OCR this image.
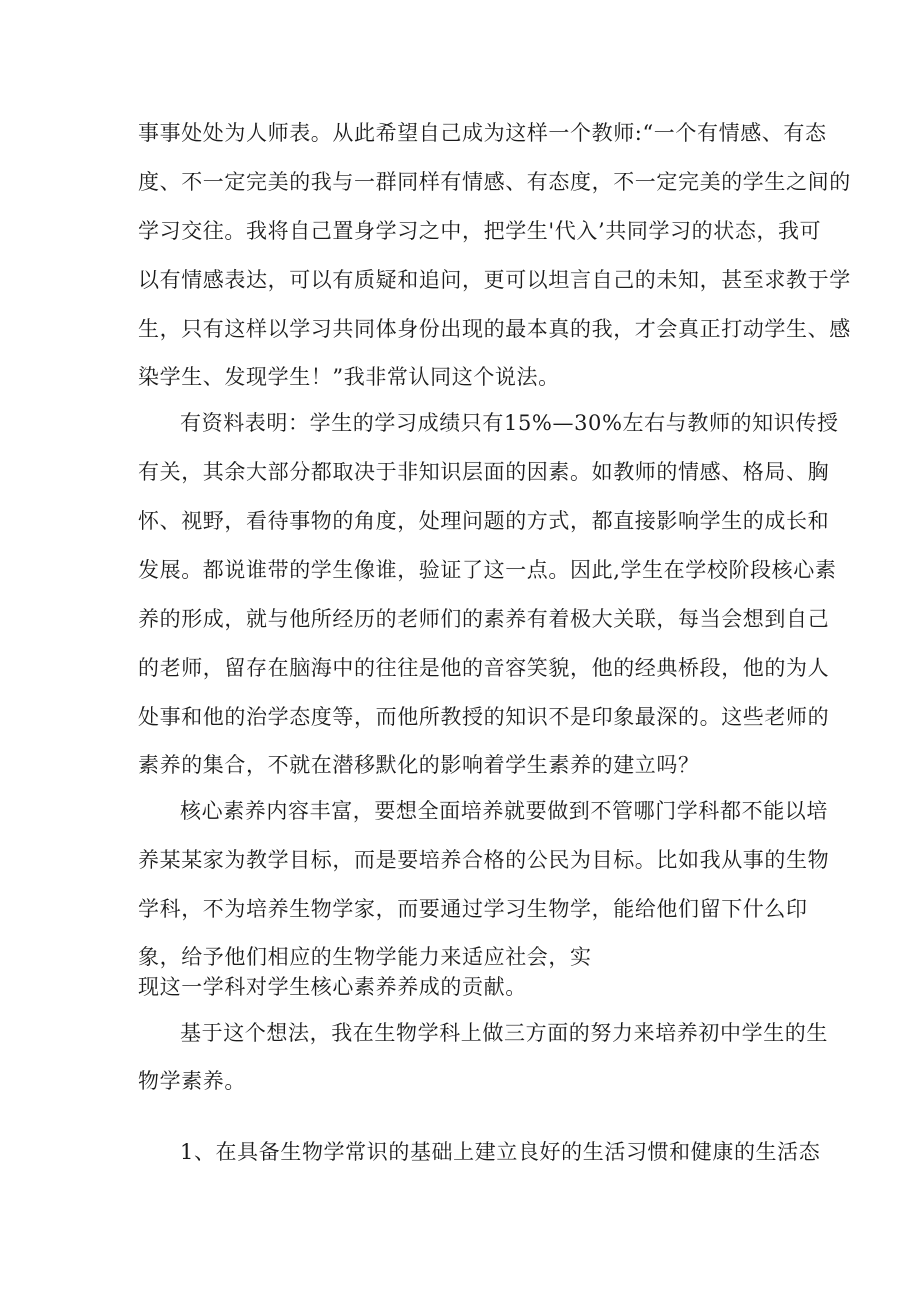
事事处处为人师表。从此希望自己成为这样一个教师:“一个有情感、有态

度、不一定完美的我与一群同样有情感、有态度，不一定完美的学生之间的

学习交往。我将自己置身学习之中，把学生'代入’共同学习的状态，我可

以有情感表达，可以有质疑和追问，更可以坦言自己的未知，甚至求教于学

生，只有这样以学习共同体身份出现的最本真的我，才会真正打动学生、感

染学生、发现学生！”我非常认同这个说法。

有资料表明：学生的学习成绩只有15%—30%左右与教师的知识传授

有关，其余大部分都取决于非知识层面的因素。如教师的情感、格局、胸

怀、视野，看待事物的角度，处理问题的方式，都直接影响学生的成长和

发展。都说谁带的学生像谁，验证了这一点。因此,学生在学校阶段核心素

养的形成，就与他所经历的老师们的素养有着极大关联，每当会想到自己

的老师，留存在脑海中的往往是他的音容笑貌，他的经典桥段，他的为人

处事和他的治学态度等，而他所教授的知识不是印象最深的。这些老师的

素养的集合，不就在潜移默化的影响着学生素养的建立吗？

核心素养内容丰富，要想全面培养就要做到不管哪门学科都不能以培

养某某家为教学目标，而是要培养合格的公民为目标。比如我从事的生物

学科，不为培养生物学家，而要通过学习生物学，能给他们留下什么印

象，给予他们相应的生物学能力来适应社会，实

现这一学科对学生核心素养养成的贡献。

基于这个想法，我在生物学科上做三方面的努力来培养初中学生的生

物学素养。

1、在具备生物学常识的基础上建立良好的生活习惯和健康的生活态
